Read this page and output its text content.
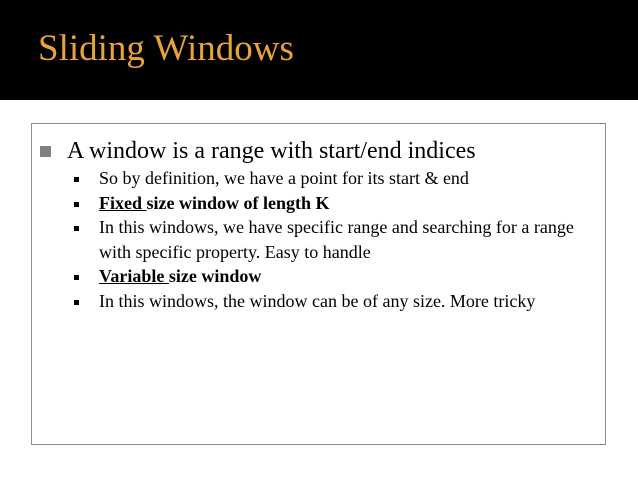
Sliding Windows
A window is a range with start/end indices
So by definition, we have a point for its start & end
Fixed size window of length K
In this windows, we have specific range and searching for a range with specific property. Easy to handle
Variable size window
In this windows, the window can be of any size. More tricky
